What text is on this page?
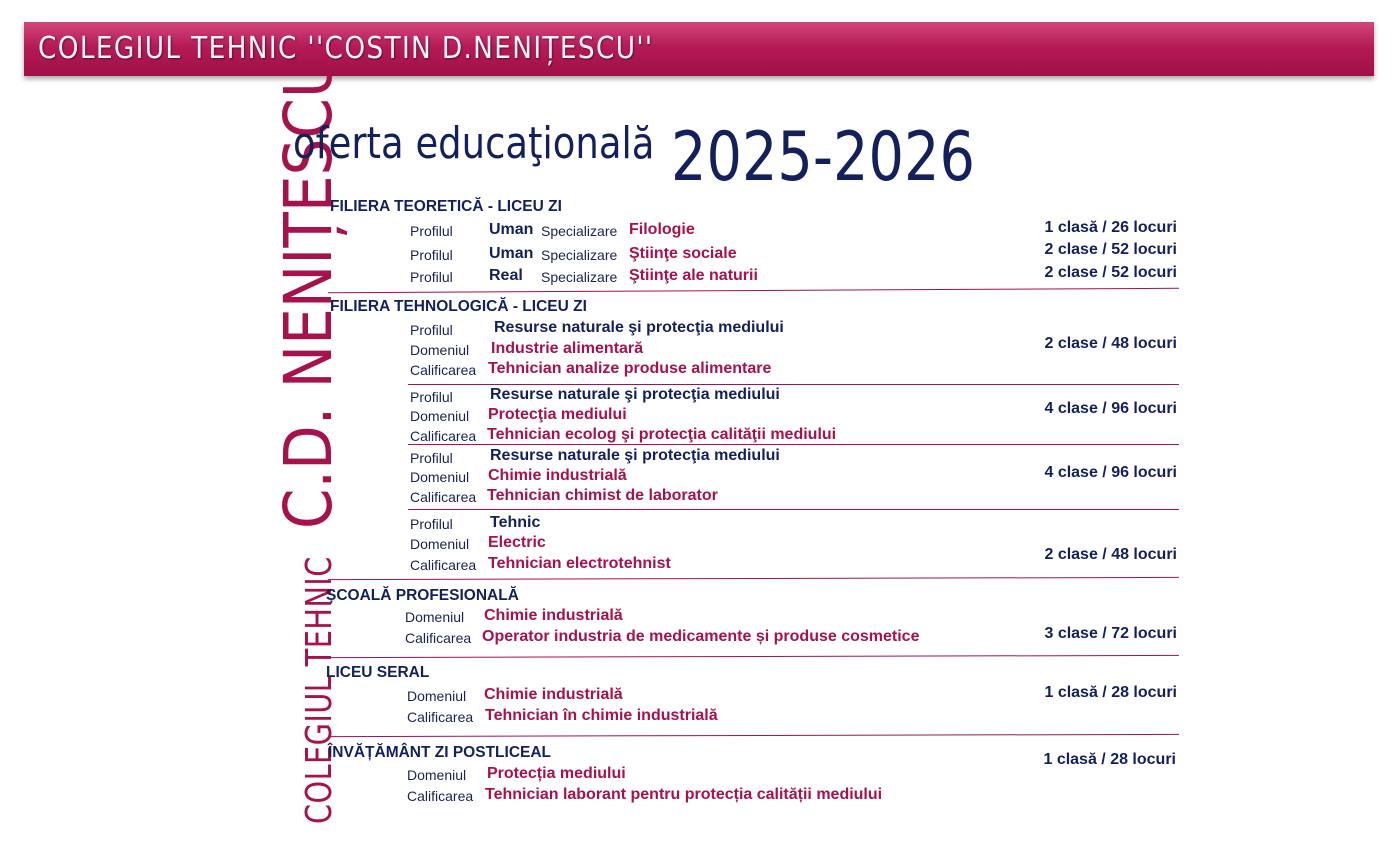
COLEGIUL TEHNIC ''COSTIN D.NENIȚESCU''
COLEGIUL TEHNICC.D. NENIȚESCU
oferta educaţională 2025-2026
FILIERA TEORETICĂ - LICEU ZI
Profilul Uman Specializare Filologie	1 clasă / 26 locuri
Profilul Uman Specializare Ştiinţe sociale	2 clase / 52 locuri
Profilul Real Specializare Ştiinţe ale naturii	2 clase / 52 locuri
FILIERA TEHNOLOGICĂ - LICEU ZI
Profilul	Resurse naturale şi protecţia mediului
Domeniul Industrie alimentară
Calificarea Tehnician analize produse alimentare
2 clase / 48 locuri
Profilul Resurse naturale şi protecţia mediului
Domeniul Protecţia mediului
Calificarea Tehnician ecolog şi protecţia calităţii mediului
4 clase / 96 locuri
Profilul Resurse naturale şi protecţia mediului
Domeniul Chimie industrială
Calificarea Tehnician chimist de laborator
4 clase / 96 locuri
Profilul Tehnic
Domeniul Electric
Calificarea Tehnician electrotehnist
2 clase / 48 locuri
ȘCOALĂ PROFESIONALĂ
Domeniul Chimie industrială
Calificarea Operator industria de medicamente și produse cosmetice	3 clase / 72 locuri
LICEU SERAL
Domeniul Chimie industrială
Calificarea Tehnician în chimie industrială
1 clasă / 28 locuri
ÎNVĂȚĂMÂNT ZI POSTLICEAL
Domeniul Protecția mediului
Calificarea Tehnician laborant pentru protecția calității mediului
1 clasă / 28 locuri
